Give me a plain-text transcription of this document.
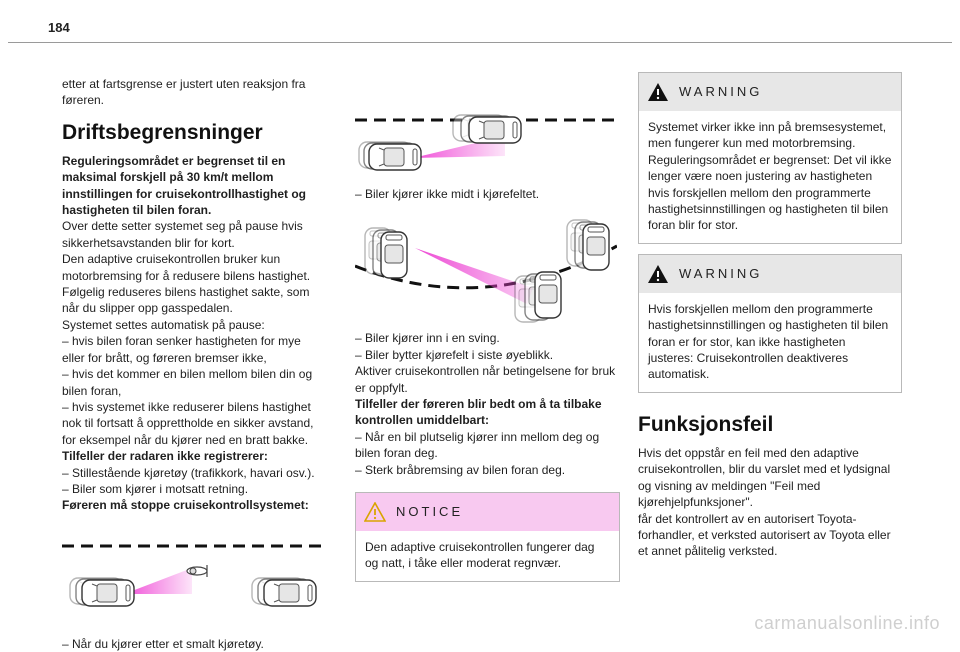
184

etter at fartsgrense er justert uten reaksjon fra føreren.

Driftsbegrensninger

Reguleringsområdet er begrenset til en maksimal forskjell på 30 km/t mellom innstillingen for cruisekontrollhastighet og hastigheten til bilen foran.

Over dette setter systemet seg på pause hvis sikkerhetsavstanden blir for kort.

Den adaptive cruisekontrollen bruker kun motorbremsing for å redusere bilens hastighet. Følgelig reduseres bilens hastighet sakte, som når du slipper opp gasspedalen.

Systemet settes automatisk på pause:

– hvis bilen foran senker hastigheten for mye eller for brått, og føreren bremser ikke,

– hvis det kommer en bilen mellom bilen din og bilen foran,

– hvis systemet ikke reduserer bilens hastighet nok til fortsatt å opprettholde en sikker avstand, for eksempel når du kjører ned en bratt bakke.

Tilfeller der radaren ikke registrerer:

– Stillestående kjøretøy (trafikkork, havari osv.).

– Biler som kjører i motsatt retning.

Føreren må stoppe cruisekontrollsystemet:

– Når du kjører etter et smalt kjøretøy.

– Biler kjører ikke midt i kjørefeltet.

– Biler kjører inn i en sving.

– Biler bytter kjørefelt i siste øyeblikk.

Aktiver cruisekontrollen når betingelsene for bruk er oppfylt.

Tilfeller der føreren blir bedt om å ta tilbake kontrollen umiddelbart:

– Når en bil plutselig kjører inn mellom deg og bilen foran deg.

– Sterk bråbremsing av bilen foran deg.

NOTICE
Den adaptive cruisekontrollen fungerer dag og natt, i tåke eller moderat regnvær.
WARNING
Systemet virker ikke inn på bremsesystemet, men fungerer kun med motorbremsing. Reguleringsområdet er begrenset: Det vil ikke lenger være noen justering av hastigheten hvis forskjellen mellom den programmerte hastighetsinnstillingen og hastigheten til bilen foran blir for stor.
WARNING
Hvis forskjellen mellom den programmerte hastighetsinnstillingen og hastigheten til bilen foran er for stor, kan ikke hastigheten justeres: Cruisekontrollen deaktiveres automatisk.

Funksjonsfeil

Hvis det oppstår en feil med den adaptive cruisekontrollen, blir du varslet med et lydsignal og visning av meldingen "Feil med kjørehjelpfunksjoner".

får det kontrollert av en autorisert Toyota-forhandler, et verksted autorisert av Toyota eller et annet pålitelig verksted.

carmanualsonline.info
